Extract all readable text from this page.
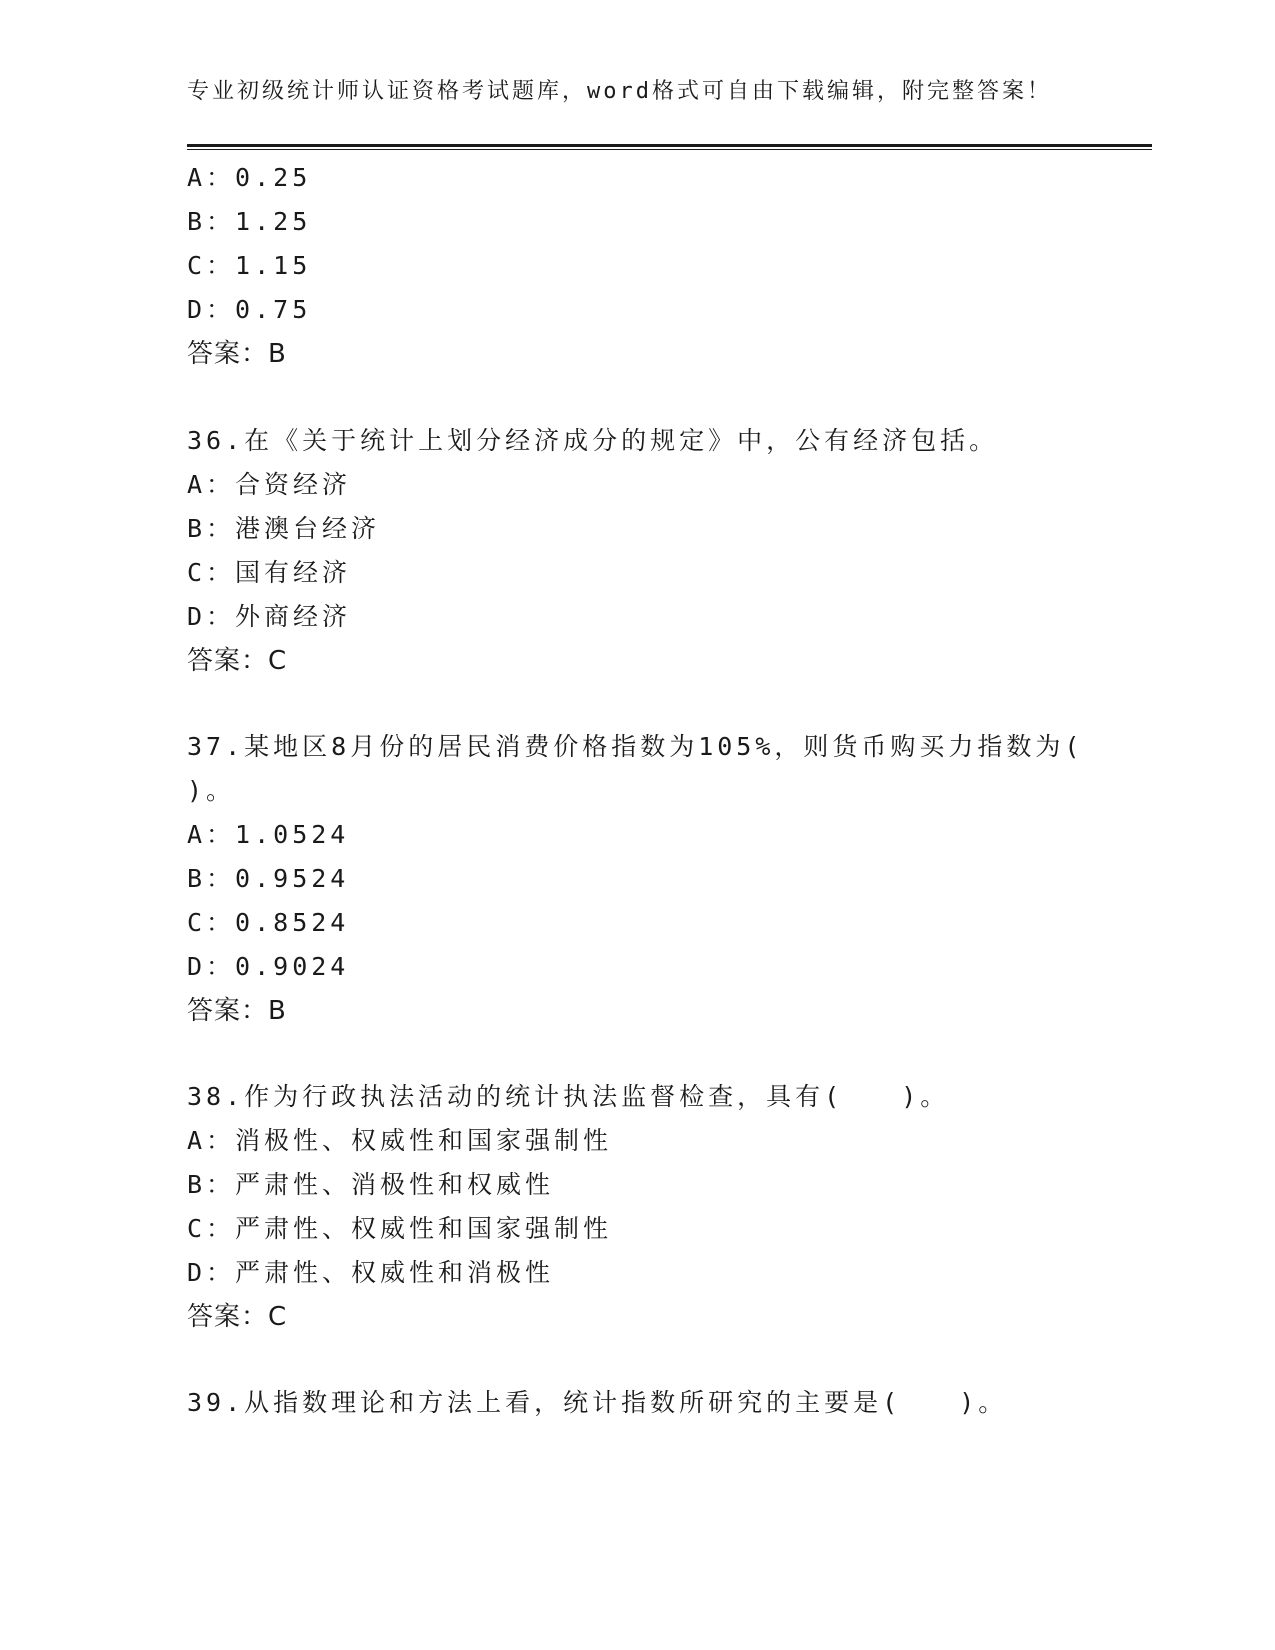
专业初级统计师认证资格考试题库，word格式可自由下载编辑，附完整答案！
A：0.25
B：1.25
C：1.15
D：0.75
答案：B
36.在《关于统计上划分经济成分的规定》中，公有经济包括。
A：合资经济
B：港澳台经济
C：国有经济
D：外商经济
答案：C
37.某地区8月份的居民消费价格指数为105%，则货币购买力指数为(
)。
A：1.0524
B：0.9524
C：0.8524
D：0.9024
答案：B
38.作为行政执法活动的统计执法监督检查，具有(　　)。
A：消极性、权威性和国家强制性
B：严肃性、消极性和权威性
C：严肃性、权威性和国家强制性
D：严肃性、权威性和消极性
答案：C
39.从指数理论和方法上看，统计指数所研究的主要是(　　)。
